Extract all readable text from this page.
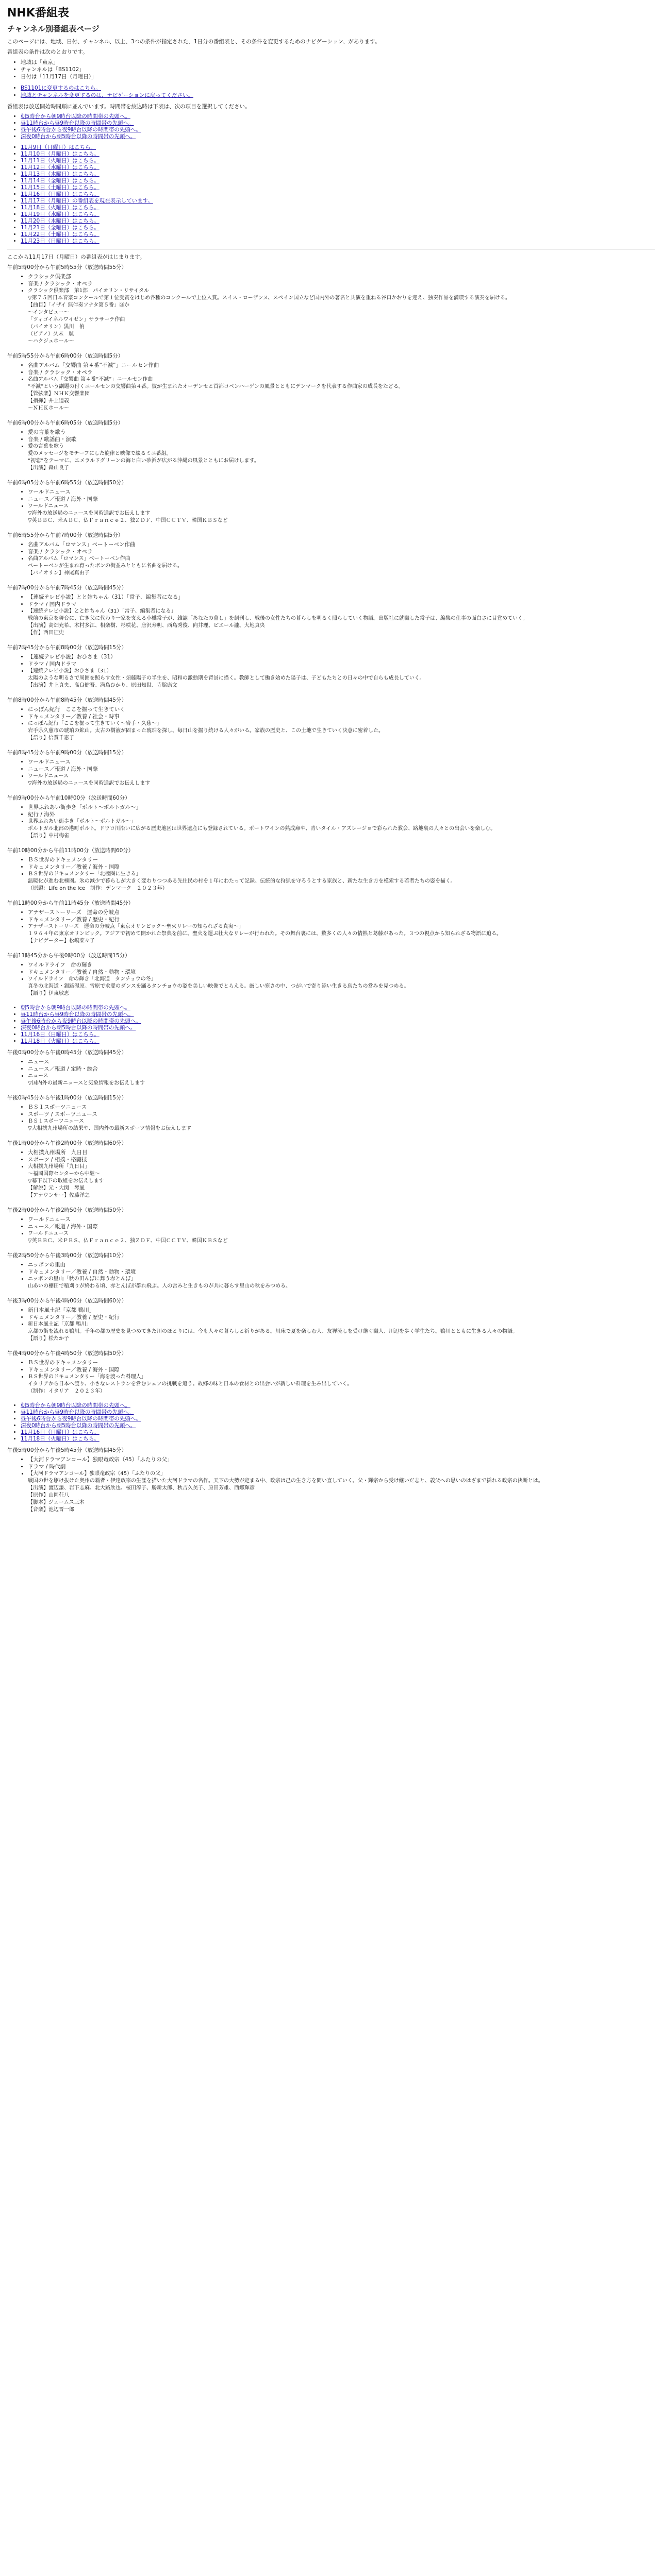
NHK番組表
チャンネル別番組表ページ

このページには、地域、日付、チャンネル、以上、3つの条件が指定された、1日分の番組表と、その条件を変更するためのナビゲーション、があります。

番組表の条件は次のとおりです。

• 地域は「東京」
• チャンネルは「BS1102」
• 日付は「11月17日（月曜日）」
• BS1101に変更するのはこちら。
• 地域とチャンネルを変更するのは、ナビゲーションに戻ってください。

番組表は放送開始時間順に並んでいます。時間帯を絞込時は下表は、次の項目を選択してください。

• 朝5時台から朝9時台以降の時間帯の先頭へ。
• 昼11時台から昼9時台以降の時間帯の先頭へ。
• 昼午後6時台から夜9時台以降の時間帯の先頭へ。
• 深夜0時台から朝5時台以降の時間帯の先頭へ。
• 11月9日（日曜日）はこちら。
• 11月10日（月曜日）はこちら。
• 11月11日（火曜日）はこちら。
• 11月12日（水曜日）はこちら。
• 11月13日（木曜日）はこちら。
• 11月14日（金曜日）はこちら。
• 11月15日（土曜日）はこちら。
• 11月16日（日曜日）はこちら。
• 11月17日（月曜日）の番組表を現在表示しています。
• 11月18日（火曜日）はこちら。
• 11月19日（水曜日）はこちら。
• 11月20日（木曜日）はこちら。
• 11月21日（金曜日）はこちら。
• 11月22日（土曜日）はこちら。
• 11月23日（日曜日）はこちら。

ここから11月17日（月曜日）の番組表がはじまります。

午前5時00分から午前5時55分（放送時間55分）

• クラシック倶楽部
• 音楽 / クラシック・オペラ
• クラシック倶楽部　第1部　パイオリン・リサイタル
▽第７５回日本音楽コンクールで第１位受賞をはじめ各種のコンクールで上位入賞。スイス・ローザンヌ、スペイン国立など国内外の著名と共演を重ねる谷口かおりを迎え、独奏作品を満喫する演奏を届ける。
【曲目】「イザイ 無伴奏ソナタ第５番」ほか
〜インタビュー〜
「ツィゴイネルワイゼン」サラサーテ作曲
（バイオリン）黒川　侑
（ピアノ）久末　航
〜ハクジュホール〜

午前5時55分から午前6時00分（放送時間5分）

• 名曲アルバム「交響曲 第４番“不滅”」ニールセン作曲
• 音楽 / クラシック・オペラ
• 名曲アルバム「交響曲 第４番“不滅”」ニールセン作曲
“不滅”という副題の付くニールセンの交響曲第４番。彼が生まれたオーデンセと首都コペンハーゲンの風景とともにデンマークを代表する作曲家の成長をたどる。
【管弦楽】ＮＨＫ交響楽団
【指揮】井上道義
〜ＮＨＫホール〜

午前6時00分から午前6時05分（放送時間5分）

• 愛の言葉を歌う
• 音楽 / 歌謡曲・演歌
• 愛の言葉を歌う
愛のメッセージをモチーフにした旋律と映像で綴るミニ番組。
“初恋”をテーマに、エメラルドグリーンの海と白い砂浜が広がる沖縄の風景とともにお届けします。
【出演】森山良子

午前6時05分から午前6時55分（放送時間50分）

• ワールドニュース
• ニュース／報道 / 海外・国際
• ワールドニュース
▽海外の放送局のニュースを同時通訳でお伝えします
▽英ＢＢＣ、米ＡＢＣ、仏Ｆｒａｎｃｅ２、独ＺＤＦ、中国ＣＣＴＶ、韓国ＫＢＳなど

午前6時55分から午前7時00分（放送時間5分）

• 名曲アルバム「ロマンス」ベートーベン作曲
• 音楽 / クラシック・オペラ
• 名曲アルバム「ロマンス」ベートーベン作曲
ベートーベンが生まれ育ったボンの街並みとともに名曲を届ける。
【バイオリン】神尾真由子

午前7時00分から午前7時45分（放送時間45分）

• 【連続テレビ小説】とと姉ちゃん（31）「常子、編集者になる」
• ドラマ / 国内ドラマ
• 【連続テレビ小説】とと姉ちゃん（31）「常子、編集者になる」
戦前の東京を舞台に、亡き父に代わり一家を支える小橋常子が、雑誌「あなたの暮し」を創刊し、戦後の女性たちの暮らしを明るく照らしていく物語。出版社に就職した常子は、編集の仕事の面白さに目覚めていく。
【出演】高畑充希、木村多江、相楽樹、杉咲花、唐沢寿明、西島秀俊、向井理、ピエール瀧、大地真央
【作】西田征史

午前7時45分から午前8時00分（放送時間15分）

• 【連続テレビ小説】おひさま（31）
• ドラマ / 国内ドラマ
• 【連続テレビ小説】おひさま（31）
太陽のような明るさで周囲を照らす女性・須藤陽子の半生を、昭和の激動期を背景に描く。教師として働き始めた陽子は、子どもたちとの日々の中で自らも成長していく。
【出演】井上真央、高良健吾、満島ひかり、原田知世、寺脇康文

午前8時00分から午前8時45分（放送時間45分）

• にっぽん紀行　ここを掘って生きていく
• ドキュメンタリー／教養 / 社会・時事
• にっぽん紀行「ここを掘って生きていく〜岩手・久慈〜」
岩手県久慈市の琥珀の鉱山。太古の樹液が固まった琥珀を探し、毎日山を掘り続ける人々がいる。家族の歴史と、この土地で生きていく決意に密着した。
【語り】倍賞千恵子

午前8時45分から午前9時00分（放送時間15分）

• ワールドニュース
• ニュース／報道 / 海外・国際
• ワールドニュース
▽海外の放送局のニュースを同時通訳でお伝えします

午前9時00分から午前10時00分（放送時間60分）

• 世界ふれあい街歩き「ポルト〜ポルトガル〜」
• 紀行 / 海外
• 世界ふれあい街歩き「ポルト〜ポルトガル〜」
ポルトガル北部の港町ポルト。ドウロ川沿いに広がる歴史地区は世界遺産にも登録されている。ポートワインの熟成庫や、青いタイル・アズレージョで彩られた教会、路地裏の人々との出会いを楽しむ。
【語り】中村梅雀

午前10時00分から午前11時00分（放送時間60分）

• ＢＳ世界のドキュメンタリー
• ドキュメンタリー／教養 / 海外・国際
• ＢＳ世界のドキュメンタリー「北極圏に生きる」
温暖化が進む北極圏。氷の減少で暮らしが大きく変わりつつある先住民の村を１年にわたって記録。伝統的な狩猟を守ろうとする家族と、新たな生き方を模索する若者たちの姿を描く。
（原題：Life on the Ice　制作：デンマーク　２０２３年）

午前11時00分から午前11時45分（放送時間45分）

• アナザーストーリーズ　運命の分岐点
• ドキュメンタリー／教養 / 歴史・紀行
• アナザーストーリーズ　運命の分岐点「東京オリンピック〜聖火リレーの知られざる真実〜」
１９６４年の東京オリンピック。アジアで初めて開かれた祭典を前に、聖火を運ぶ壮大なリレーが行われた。その舞台裏には、数多くの人々の情熱と葛藤があった。３つの視点から知られざる物語に迫る。
【ナビゲーター】松嶋菜々子

午前11時45分から午後0時00分（放送時間15分）

• ワイルドライフ　命の輝き
• ドキュメンタリー／教養 / 自然・動物・環境
• ワイルドライフ　命の輝き「北海道　タンチョウの冬」
真冬の北海道・釧路湿原。雪原で求愛のダンスを踊るタンチョウの姿を美しい映像でとらえる。厳しい寒さの中、つがいで寄り添い生きる鳥たちの営みを見つめる。
【語り】伊東敏恵
• 朝5時台から朝9時台以降の時間帯の先頭へ。
• 昼11時台から昼9時台以降の時間帯の先頭へ。
• 昼午後6時台から夜9時台以降の時間帯の先頭へ。
• 深夜0時台から朝5時台以降の時間帯の先頭へ。
• 11月16日（日曜日）はこちら。
• 11月18日（火曜日）はこちら。

午後0時00分から午後0時45分（放送時間45分）

• ニュース
• ニュース／報道 / 定時・総合
• ニュース
▽国内外の最新ニュースと気象情報をお伝えします

午後0時45分から午後1時00分（放送時間15分）

• ＢＳ１スポーツニュース
• スポーツ / スポーツニュース
• ＢＳ１スポーツニュース
▽大相撲九州場所の結果や、国内外の最新スポーツ情報をお伝えします

午後1時00分から午後2時00分（放送時間60分）

• 大相撲九州場所　九日目
• スポーツ / 相撲・格闘技
• 大相撲九州場所「九日目」
〜福岡国際センターから中継〜
▽幕下以下の取組をお伝えします
【解説】元・大関　琴風
【アナウンサー】佐藤洋之

午後2時00分から午後2時50分（放送時間50分）

• ワールドニュース
• ニュース／報道 / 海外・国際
• ワールドニュース
▽英ＢＢＣ、米ＰＢＳ、仏Ｆｒａｎｃｅ２、独ＺＤＦ、中国ＣＣＴＶ、韓国ＫＢＳなど

午後2時50分から午後3時00分（放送時間10分）

• ニッポンの里山
• ドキュメンタリー／教養 / 自然・動物・環境
• ニッポンの里山「秋の田んぼに舞う赤とんぼ」
山あいの棚田で稲刈りが終わる頃、赤とんぼが群れ飛ぶ。人の営みと生きものが共に暮らす里山の秋をみつめる。

午後3時00分から午後4時00分（放送時間60分）

• 新日本風土記「京都 鴨川」
• ドキュメンタリー／教養 / 歴史・紀行
• 新日本風土記「京都 鴨川」
京都の街を流れる鴨川。千年の都の歴史を見つめてきた川のほとりには、今も人々の暮らしと祈りがある。川床で夏を楽しむ人、友禅流しを受け継ぐ職人、川辺を歩く学生たち。鴨川とともに生きる人々の物語。
【語り】松たか子

午後4時00分から午後4時50分（放送時間50分）

• ＢＳ世界のドキュメンタリー
• ドキュメンタリー／教養 / 海外・国際
• ＢＳ世界のドキュメンタリー「海を渡った料理人」
イタリアから日本へ渡り、小さなレストランを営むシェフの挑戦を追う。故郷の味と日本の食材との出会いが新しい料理を生み出していく。
（制作：イタリア　２０２３年）
• 朝5時台から朝9時台以降の時間帯の先頭へ。
• 昼11時台から昼9時台以降の時間帯の先頭へ。
• 昼午後6時台から夜9時台以降の時間帯の先頭へ。
• 深夜0時台から朝5時台以降の時間帯の先頭へ。
• 11月16日（日曜日）はこちら。
• 11月18日（火曜日）はこちら。

午後5時00分から午後5時45分（放送時間45分）

• 【大河ドラマアンコール】独眼竜政宗（45）「ふたりの父」
• ドラマ / 時代劇
• 【大河ドラマアンコール】独眼竜政宗（45）「ふたりの父」
戦国の世を駆け抜けた奥州の覇者・伊達政宗の生涯を描いた大河ドラマの名作。天下の大勢が定まる中、政宗は己の生き方を問い直していく。父・輝宗から受け継いだ志と、義父への思いのはざまで揺れる政宗の決断とは。
【出演】渡辺謙、岩下志麻、北大路欣也、桜田淳子、勝新太郎、秋吉久美子、原田芳雄、西郷輝彦
【原作】山岡荘八
【脚本】ジェームス三木
【音楽】池辺晋一郎
